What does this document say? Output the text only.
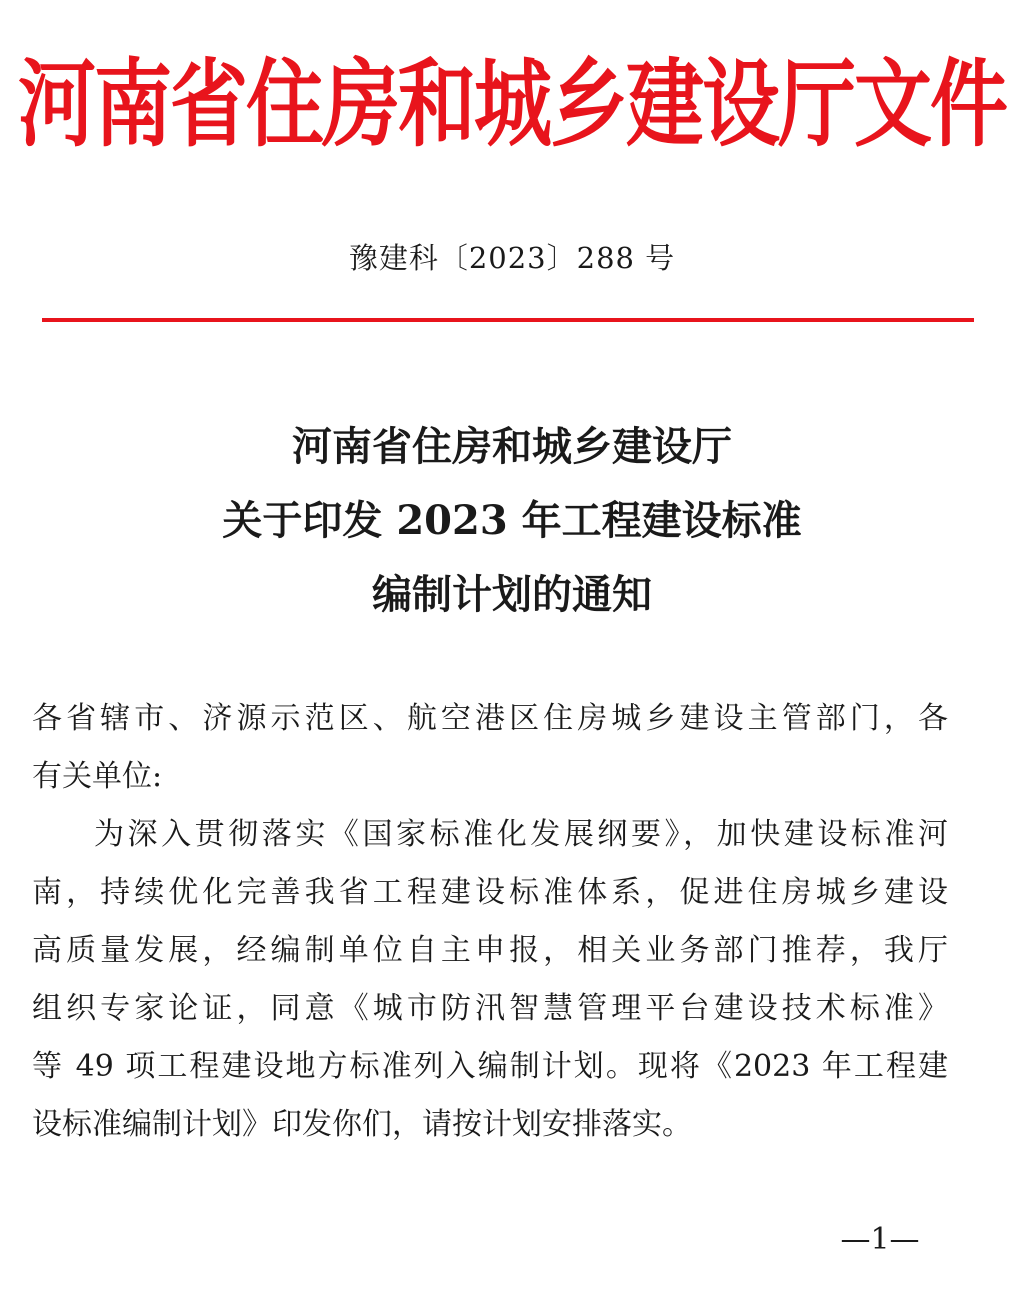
河南省住房和城乡建设厅文件
豫建科〔2023〕288 号
河南省住房和城乡建设厅
关于印发 2023 年工程建设标准
编制计划的通知
各省辖市、济源示范区、航空港区住房城乡建设主管部门，各
有关单位:
为深入贯彻落实《国家标准化发展纲要》，加快建设标准河
南，持续优化完善我省工程建设标准体系，促进住房城乡建设
高质量发展，经编制单位自主申报，相关业务部门推荐，我厅
组织专家论证，同意《城市防汛智慧管理平台建设技术标准》
等 49 项工程建设地方标准列入编制计划。现将《2023 年工程建
设标准编制计划》印发你们，请按计划安排落实。
—1—
